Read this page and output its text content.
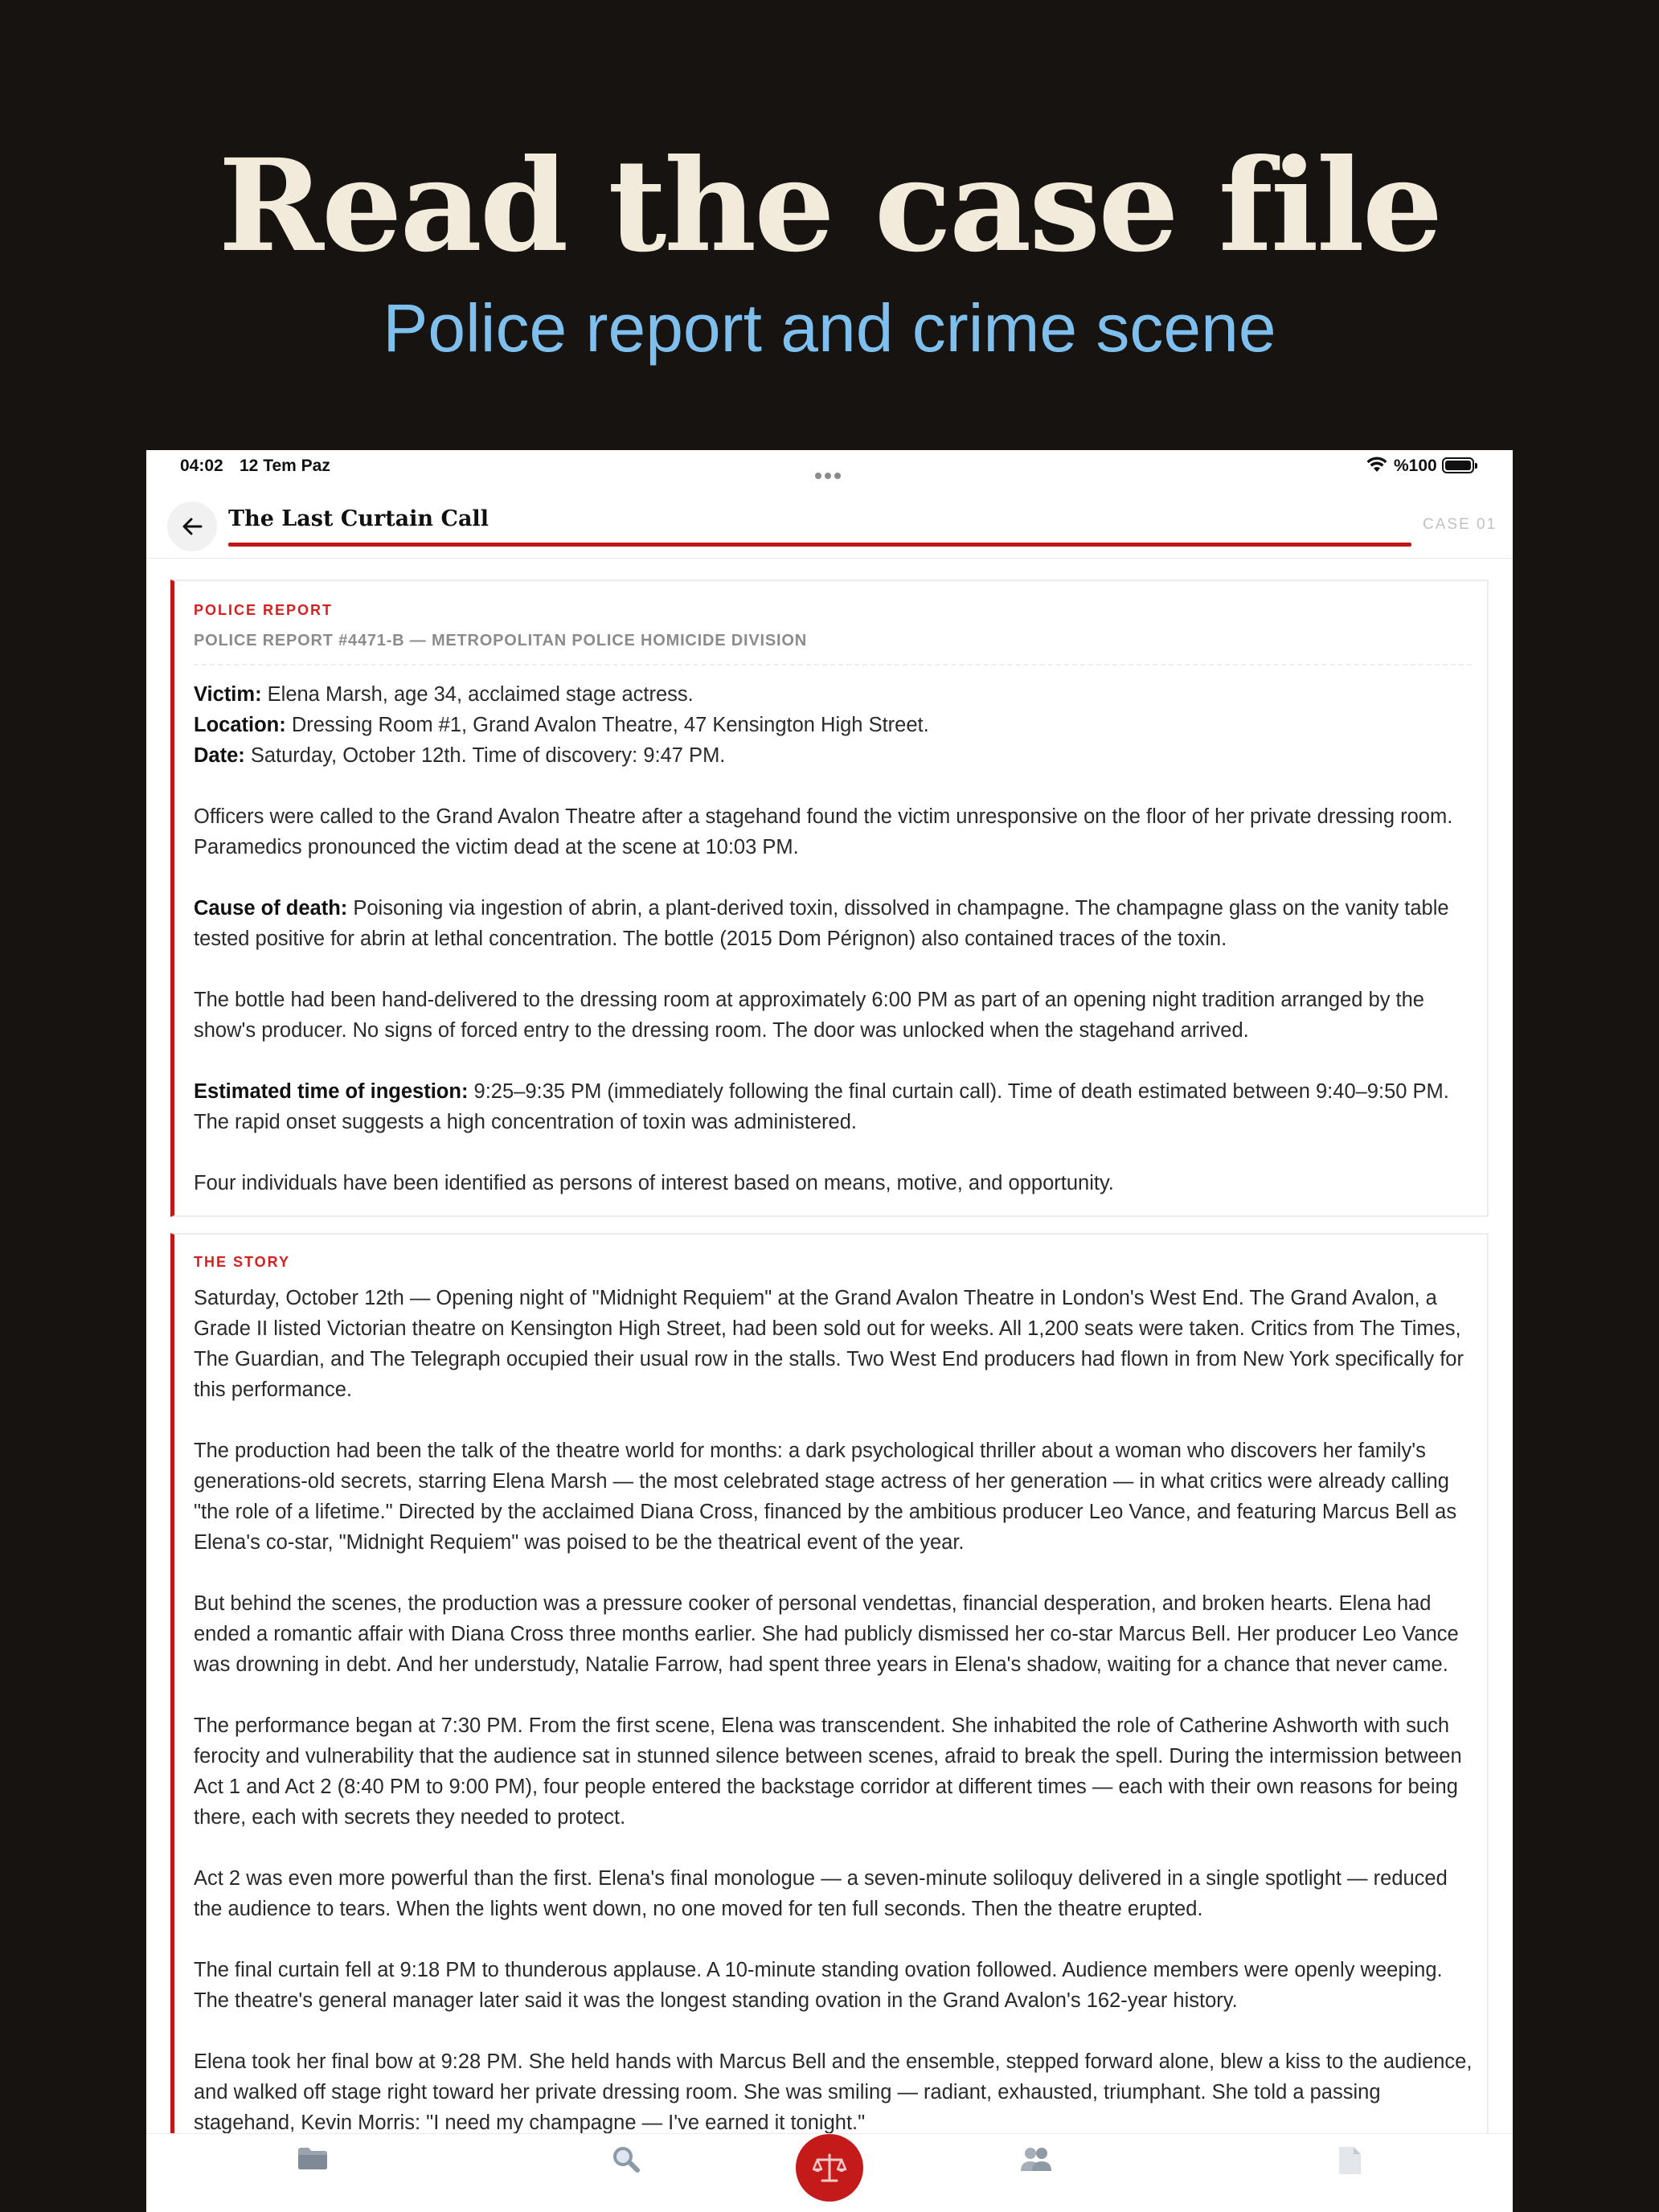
Read the case file
Police report and crime scene
04:02 12 Tem Paz	%100
The Last Curtain Call	CASE 01
POLICE REPORT
POLICE REPORT #4471-B — METROPOLITAN POLICE HOMICIDE DIVISION

Victim: Elena Marsh, age 34, acclaimed stage actress.
Location: Dressing Room #1, Grand Avalon Theatre, 47 Kensington High Street.
Date: Saturday, October 12th. Time of discovery: 9:47 PM.

Officers were called to the Grand Avalon Theatre after a stagehand found the victim unresponsive on the floor of her private dressing room. Paramedics pronounced the victim dead at the scene at 10:03 PM.

Cause of death: Poisoning via ingestion of abrin, a plant-derived toxin, dissolved in champagne. The champagne glass on the vanity table tested positive for abrin at lethal concentration. The bottle (2015 Dom Pérignon) also contained traces of the toxin.

The bottle had been hand-delivered to the dressing room at approximately 6:00 PM as part of an opening night tradition arranged by the show's producer. No signs of forced entry to the dressing room. The door was unlocked when the stagehand arrived.

Estimated time of ingestion: 9:25–9:35 PM (immediately following the final curtain call). Time of death estimated between 9:40–9:50 PM. The rapid onset suggests a high concentration of toxin was administered.

Four individuals have been identified as persons of interest based on means, motive, and opportunity.

THE STORY

Saturday, October 12th — Opening night of "Midnight Requiem" at the Grand Avalon Theatre in London's West End. The Grand Avalon, a Grade II listed Victorian theatre on Kensington High Street, had been sold out for weeks. All 1,200 seats were taken. Critics from The Times, The Guardian, and The Telegraph occupied their usual row in the stalls. Two West End producers had flown in from New York specifically for this performance.

The production had been the talk of the theatre world for months: a dark psychological thriller about a woman who discovers her family's generations-old secrets, starring Elena Marsh — the most celebrated stage actress of her generation — in what critics were already calling "the role of a lifetime." Directed by the acclaimed Diana Cross, financed by the ambitious producer Leo Vance, and featuring Marcus Bell as Elena's co-star, "Midnight Requiem" was poised to be the theatrical event of the year.

But behind the scenes, the production was a pressure cooker of personal vendettas, financial desperation, and broken hearts. Elena had ended a romantic affair with Diana Cross three months earlier. She had publicly dismissed her co-star Marcus Bell. Her producer Leo Vance was drowning in debt. And her understudy, Natalie Farrow, had spent three years in Elena's shadow, waiting for a chance that never came.

The performance began at 7:30 PM. From the first scene, Elena was transcendent. She inhabited the role of Catherine Ashworth with such ferocity and vulnerability that the audience sat in stunned silence between scenes, afraid to break the spell. During the intermission between Act 1 and Act 2 (8:40 PM to 9:00 PM), four people entered the backstage corridor at different times — each with their own reasons for being there, each with secrets they needed to protect.

Act 2 was even more powerful than the first. Elena's final monologue — a seven-minute soliloquy delivered in a single spotlight — reduced the audience to tears. When the lights went down, no one moved for ten full seconds. Then the theatre erupted.

The final curtain fell at 9:18 PM to thunderous applause. A 10-minute standing ovation followed. Audience members were openly weeping. The theatre's general manager later said it was the longest standing ovation in the Grand Avalon's 162-year history.

Elena took her final bow at 9:28 PM. She held hands with Marcus Bell and the ensemble, stepped forward alone, blew a kiss to the audience, and walked off stage right toward her private dressing room. She was smiling — radiant, exhausted, triumphant. She told a passing stagehand, Kevin Morris: "I need my champagne — I've earned it tonight."
